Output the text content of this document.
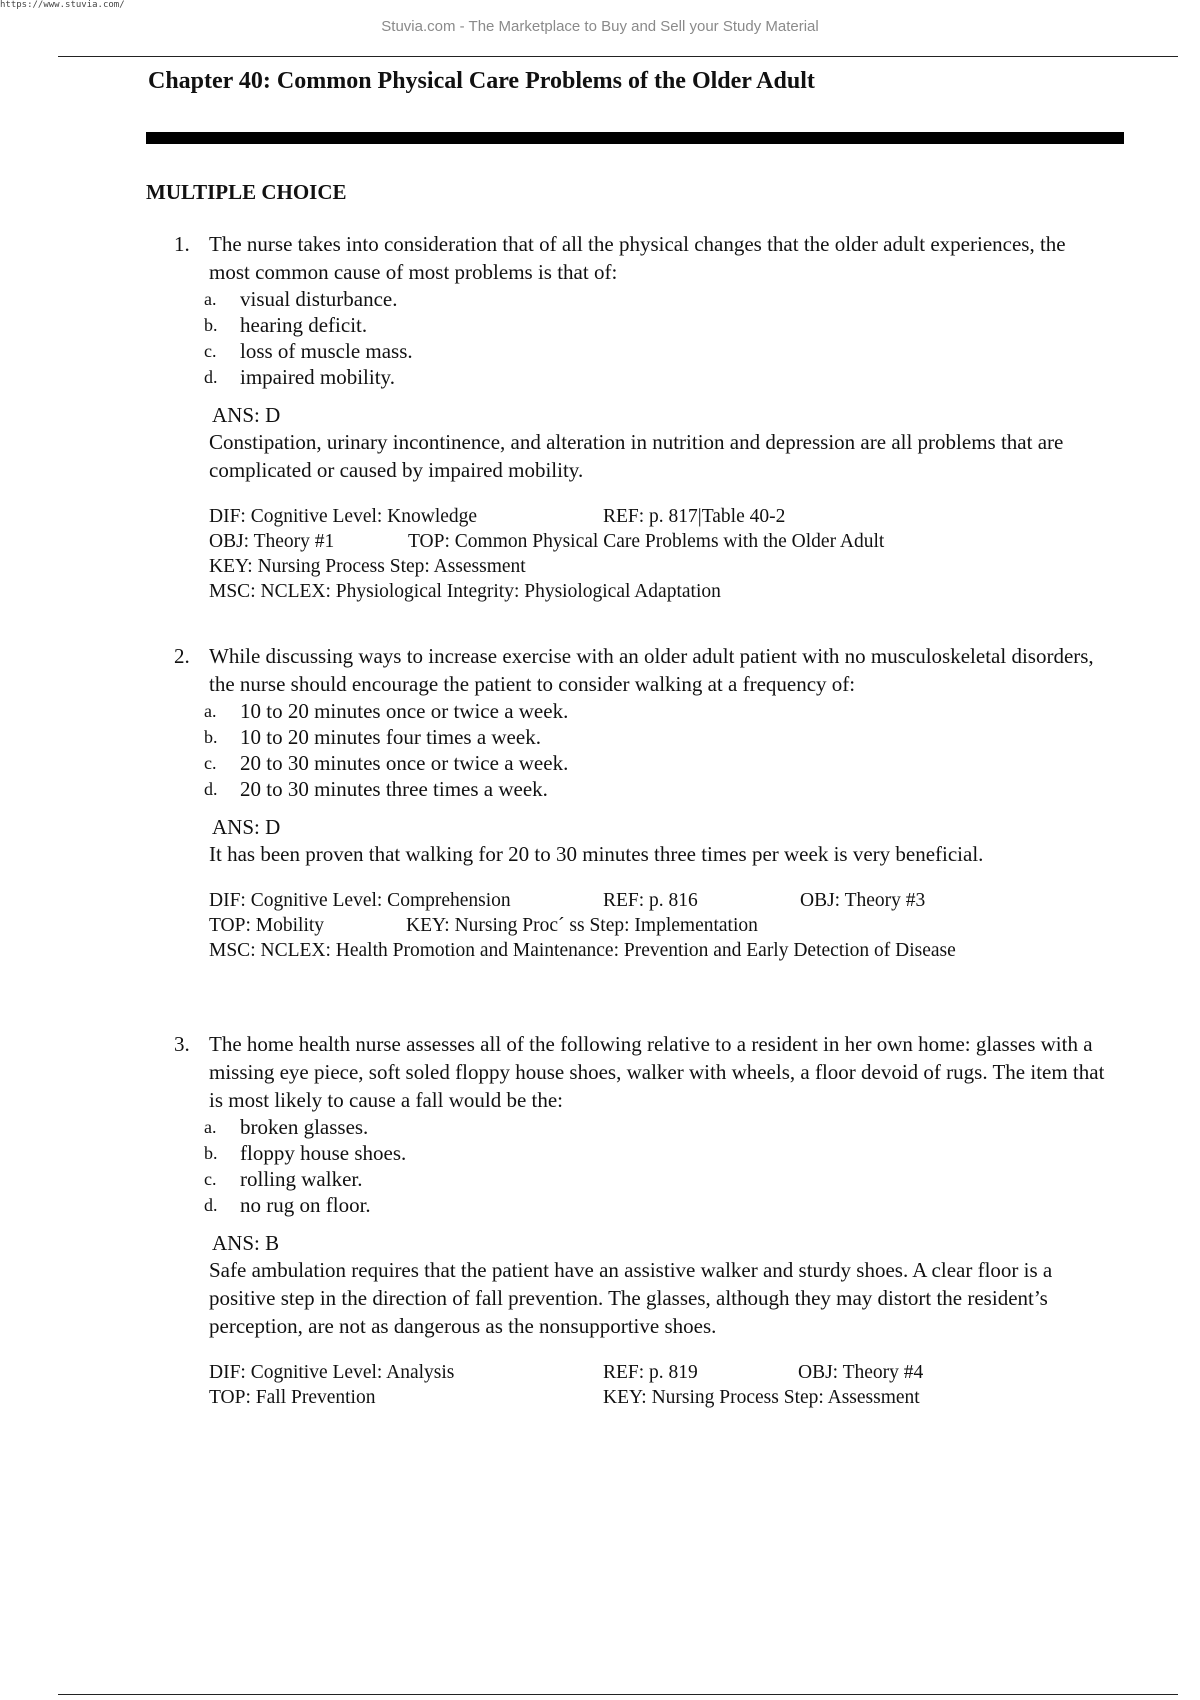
https://www.stuvia.com/
Stuvia.com - The Marketplace to Buy and Sell your Study Material
Chapter 40: Common Physical Care Problems of the Older Adult
MULTIPLE CHOICE
1. The nurse takes into consideration that of all the physical changes that the older adult experiences, the most common cause of most problems is that of:
a. visual disturbance.
b. hearing deficit.
c. loss of muscle mass.
d. impaired mobility.
ANS: D
Constipation, urinary incontinence, and alteration in nutrition and depression are all problems that are complicated or caused by impaired mobility.
DIF: Cognitive Level: Knowledge	REF: p. 817|Table 40-2
OBJ: Theory #1	TOP: Common Physical Care Problems with the Older Adult
KEY: Nursing Process Step: Assessment
MSC: NCLEX: Physiological Integrity: Physiological Adaptation
2. While discussing ways to increase exercise with an older adult patient with no musculoskeletal disorders, the nurse should encourage the patient to consider walking at a frequency of:
a. 10 to 20 minutes once or twice a week.
b. 10 to 20 minutes four times a week.
c. 20 to 30 minutes once or twice a week.
d. 20 to 30 minutes three times a week.
ANS: D
It has been proven that walking for 20 to 30 minutes three times per week is very beneficial.
DIF: Cognitive Level: Comprehension	REF: p. 816	OBJ: Theory #3
TOP: Mobility	KEY: Nursing Proc´ ss Step: Implementation
MSC: NCLEX: Health Promotion and Maintenance: Prevention and Early Detection of Disease
3. The home health nurse assesses all of the following relative to a resident in her own home: glasses with a missing eye piece, soft soled floppy house shoes, walker with wheels, a floor devoid of rugs. The item that is most likely to cause a fall would be the:
a. broken glasses.
b. floppy house shoes.
c. rolling walker.
d. no rug on floor.
ANS: B
Safe ambulation requires that the patient have an assistive walker and sturdy shoes. A clear floor is a positive step in the direction of fall prevention. The glasses, although they may distort the resident’s perception, are not as dangerous as the nonsupportive shoes.
DIF: Cognitive Level: Analysis	REF: p. 819	OBJ: Theory #4
TOP: Fall Prevention	KEY: Nursing Process Step: Assessment
